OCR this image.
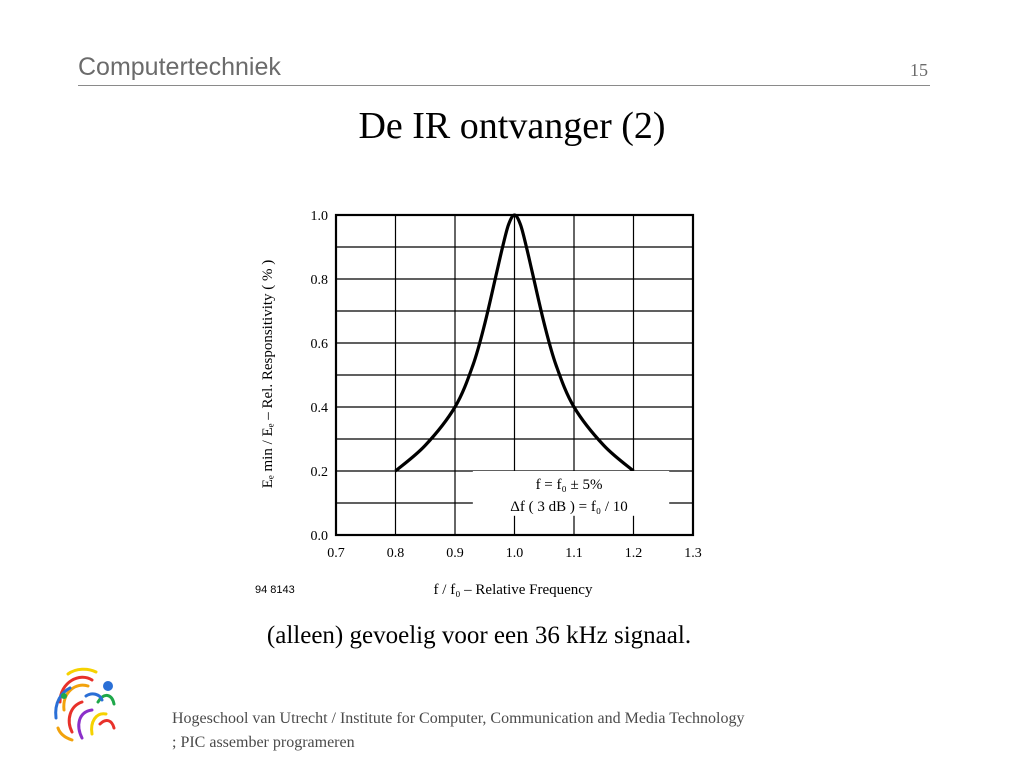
Computertechniek	15
De IR ontvanger (2)
f = f₀ ± 5%
Δf ( 3 dB ) = f₀ / 10
0.7	0.8	0.9	1.0	1.1	1.2	1.3
0.0
0.2
0.4
0.6
0.8
1.0
94 8143	f / f₀ – Relative Frequency
Eₑ min / Eₑ – Rel. Responsitivity ( % )
(alleen) gevoelig voor een 36 kHz signaal.
Hogeschool van Utrecht / Institute for Computer, Communication and Media Technology
; PIC assember programeren
